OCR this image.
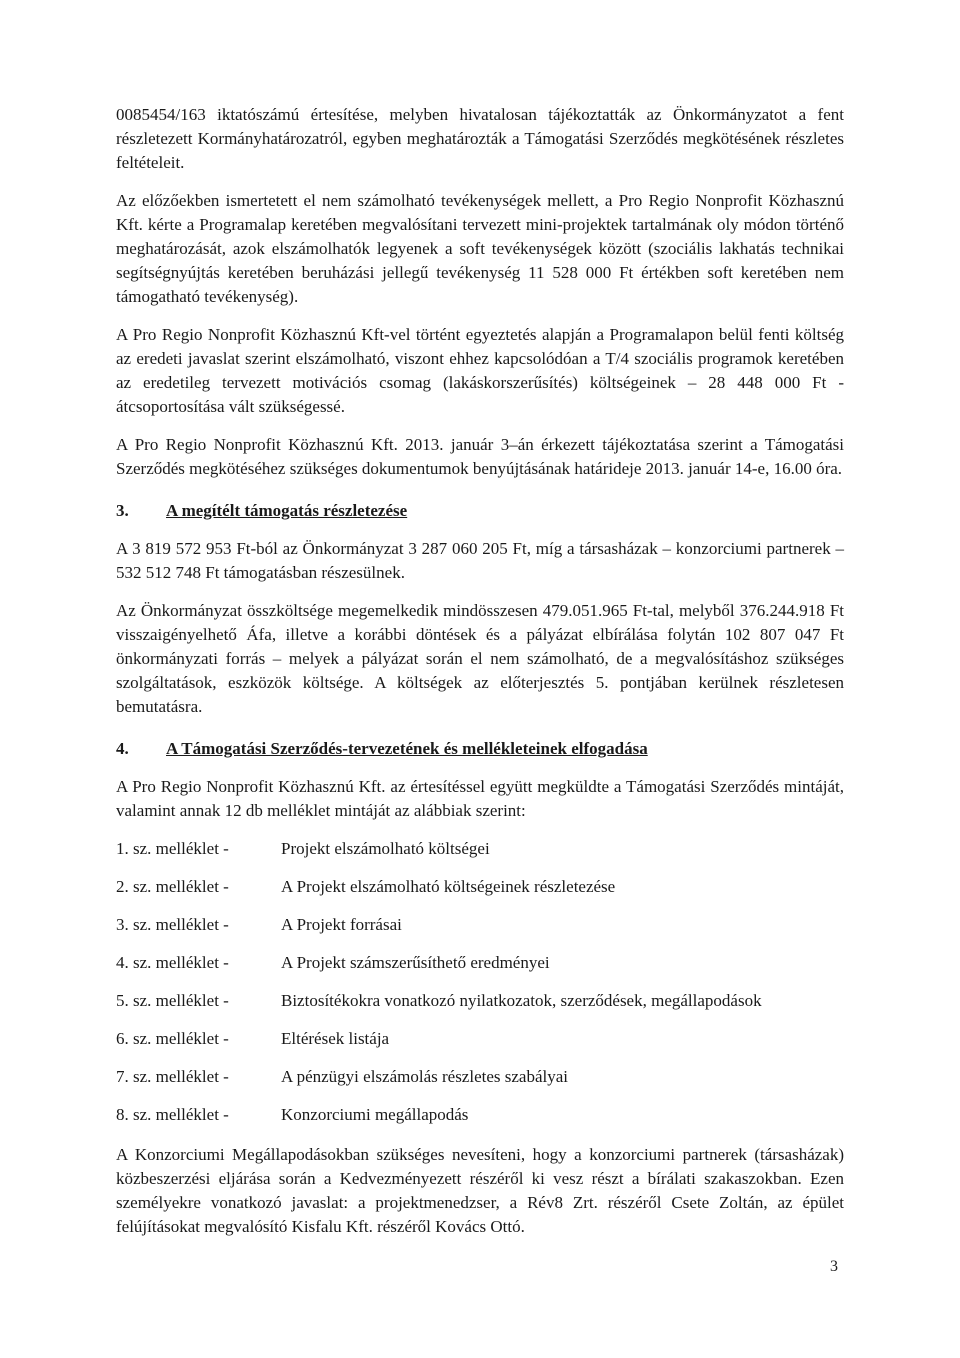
0085454/163 iktatószámú értesítése, melyben hivatalosan tájékoztatták az Önkormányzatot a fent részletezett Kormányhatározatról, egyben meghatározták a Támogatási Szerződés megkötésének részletes feltételeit.

Az előzőekben ismertetett el nem számolható tevékenységek mellett, a Pro Regio Nonprofit Közhasznú Kft. kérte a Programalap keretében megvalósítani tervezett mini-projektek tartalmának oly módon történő meghatározását, azok elszámolhatók legyenek a soft tevékenységek között (szociális lakhatás technikai segítségnyújtás keretében beruházási jellegű tevékenység 11 528 000 Ft értékben soft keretében nem támogatható tevékenység).

A Pro Regio Nonprofit Közhasznú Kft-vel történt egyeztetés alapján a Programalapon belül fenti költség az eredeti javaslat szerint elszámolható, viszont ehhez kapcsolódóan a T/4 szociális programok keretében az eredetileg tervezett motivációs csomag (lakáskorszerűsítés) költségeinek – 28 448 000 Ft - átcsoportosítása vált szükségessé.

A Pro Regio Nonprofit Közhasznú Kft. 2013. január 3–án érkezett tájékoztatása szerint a Támogatási Szerződés megkötéséhez szükséges dokumentumok benyújtásának határideje 2013. január 14-e, 16.00 óra.

3.	A megítélt támogatás részletezése

A 3 819 572 953 Ft-ból az Önkormányzat 3 287 060 205 Ft, míg a társasházak – konzorciumi partnerek – 532 512 748 Ft támogatásban részesülnek.

Az Önkormányzat összköltsége megemelkedik mindösszesen 479.051.965 Ft-tal, melyből 376.244.918 Ft visszaigényelhető Áfa, illetve a korábbi döntések és a pályázat elbírálása folytán 102 807 047 Ft önkormányzati forrás – melyek a pályázat során el nem számolható, de a megvalósításhoz szükséges szolgáltatások, eszközök költsége. A költségek az előterjesztés 5. pontjában kerülnek részletesen bemutatásra.

4.	A Támogatási Szerződés-tervezetének és mellékleteinek elfogadása

A Pro Regio Nonprofit Közhasznú Kft. az értesítéssel együtt megküldte a Támogatási Szerződés mintáját, valamint annak 12 db melléklet mintáját az alábbiak szerint:

1. sz. melléklet -	Projekt elszámolható költségei
2. sz. melléklet -	A Projekt elszámolható költségeinek részletezése
3. sz. melléklet -	A Projekt forrásai
4. sz. melléklet -	A Projekt számszerűsíthető eredményei
5. sz. melléklet -	Biztosítékokra vonatkozó nyilatkozatok, szerződések, megállapodások
6. sz. melléklet -	Eltérések listája
7. sz. melléklet -	A pénzügyi elszámolás részletes szabályai
8. sz. melléklet -	Konzorciumi megállapodás

A Konzorciumi Megállapodásokban szükséges nevesíteni, hogy a konzorciumi partnerek (társasházak) közbeszerzési eljárása során a Kedvezményezett részéről ki vesz részt a bírálati szakaszokban. Ezen személyekre vonatkozó javaslat: a projektmenedzser, a Rév8 Zrt. részéről Csete Zoltán, az épület felújításokat megvalósító Kisfalu Kft. részéről Kovács Ottó.

3
